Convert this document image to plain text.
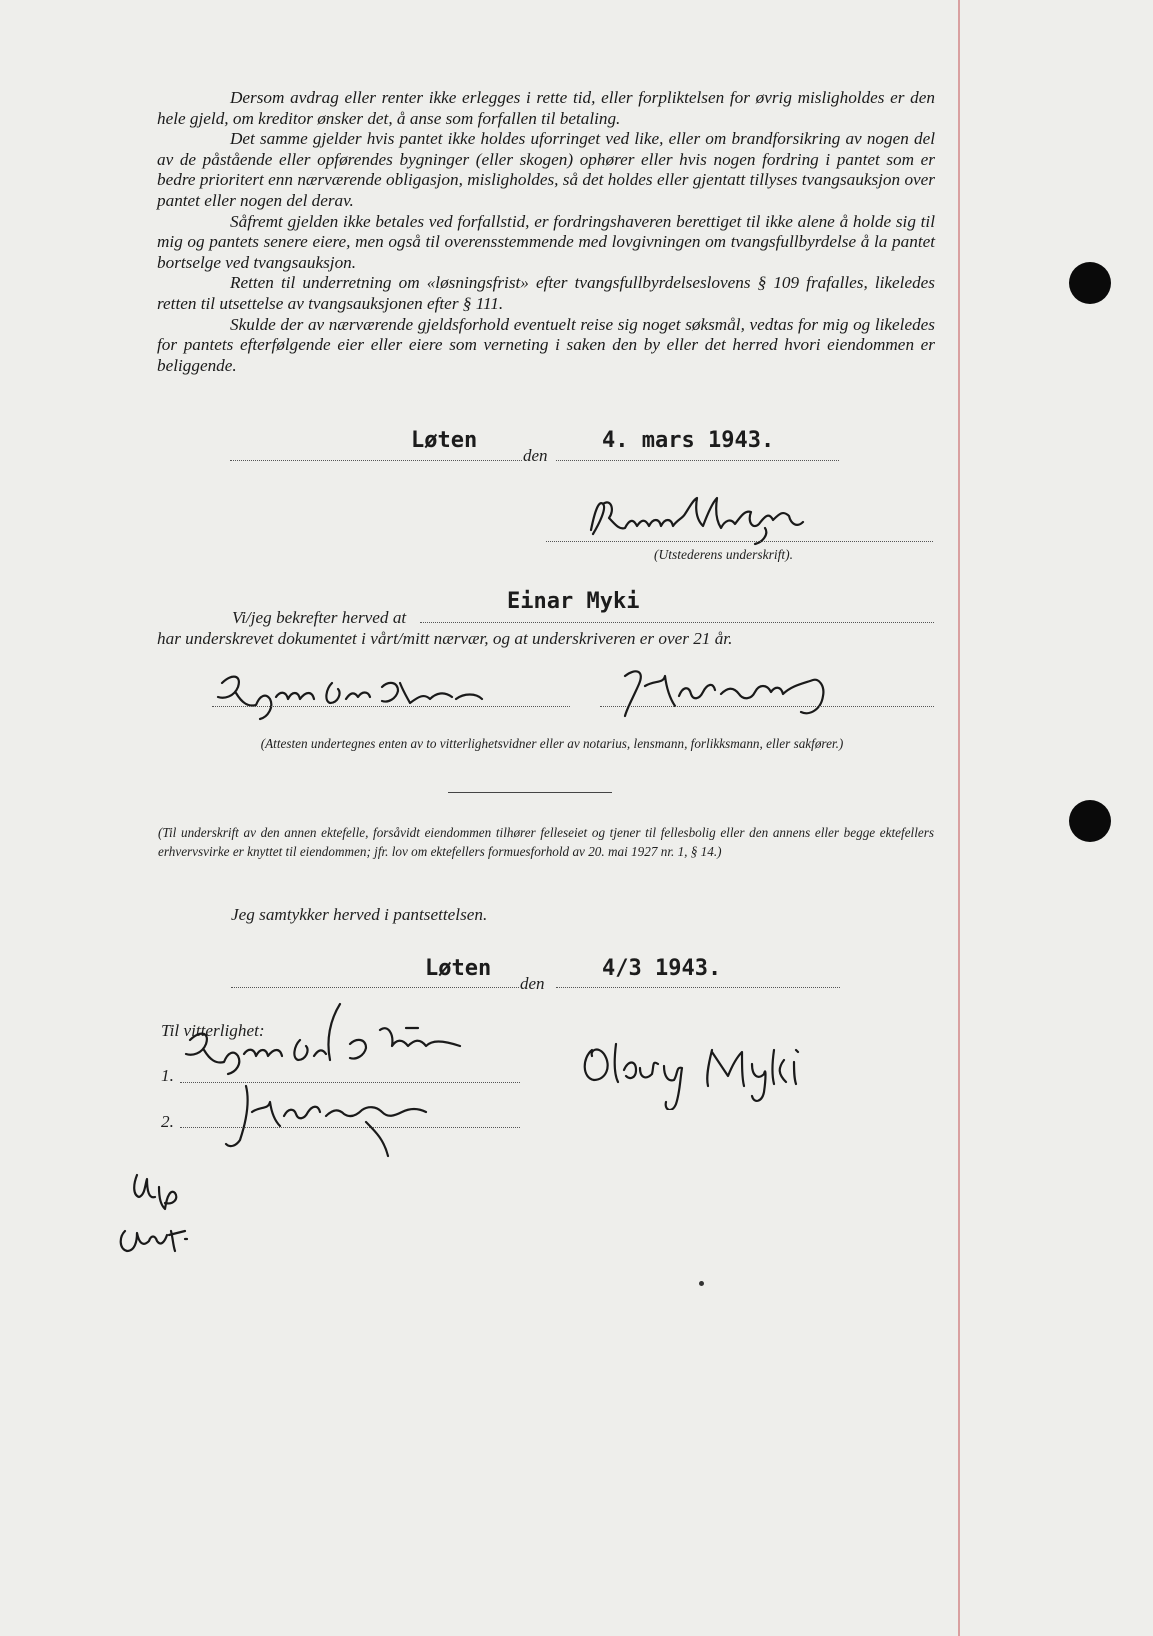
Dersom avdrag eller renter ikke erlegges i rette tid, eller forpliktelsen for øvrig misligholdes er den hele gjeld, om kreditor ønsker det, å anse som forfallen til betaling.

Det samme gjelder hvis pantet ikke holdes uforringet ved like, eller om brandforsikring av nogen del av de påstående eller opførendes bygninger (eller skogen) ophører eller hvis nogen fordring i pantet som er bedre prioritert enn nærværende obligasjon, misligholdes, så det holdes eller gjentatt tillyses tvangsauksjon over pantet eller nogen del derav.

Såfremt gjelden ikke betales ved forfallstid, er fordringshaveren berettiget til ikke alene å holde sig til mig og pantets senere eiere, men også til overensstemmende med lovgivningen om tvangsfullbyrdelse å la pantet bortselge ved tvangsauksjon.

Retten til underretning om «løsningsfrist» efter tvangsfullbyrdelseslovens § 109 frafalles, likeledes retten til utsettelse av tvangsauksjonen efter § 111.

Skulde der av nærværende gjeldsforhold eventuelt reise sig noget søksmål, vedtas for mig og likeledes for pantets efterfølgende eier eller eiere som verneting i saken den by eller det herred hvori eiendommen er beliggende.

Løten
den
4. mars 1943.
(Utstederens underskrift).
Vi/jeg bekrefter herved at
Einar Myki
har underskrevet dokumentet i vårt/mitt nærvær, og at underskriveren er over 21 år.
(Attesten undertegnes enten av to vitterlighetsvidner eller av notarius, lensmann, forlikksmann, eller sakfører.)
(Til underskrift av den annen ektefelle, forsåvidt eiendommen tilhører felleseiet og tjener til fellesbolig eller den annens eller begge ektefellers erhvervsvirke er knyttet til eiendommen; jfr. lov om ektefellers formuesforhold av 20. mai 1927 nr. 1, § 14.)
Jeg samtykker herved i pantsettelsen.
Løten
den
4/3 1943.
Til vitterlighet:
1.
2.
